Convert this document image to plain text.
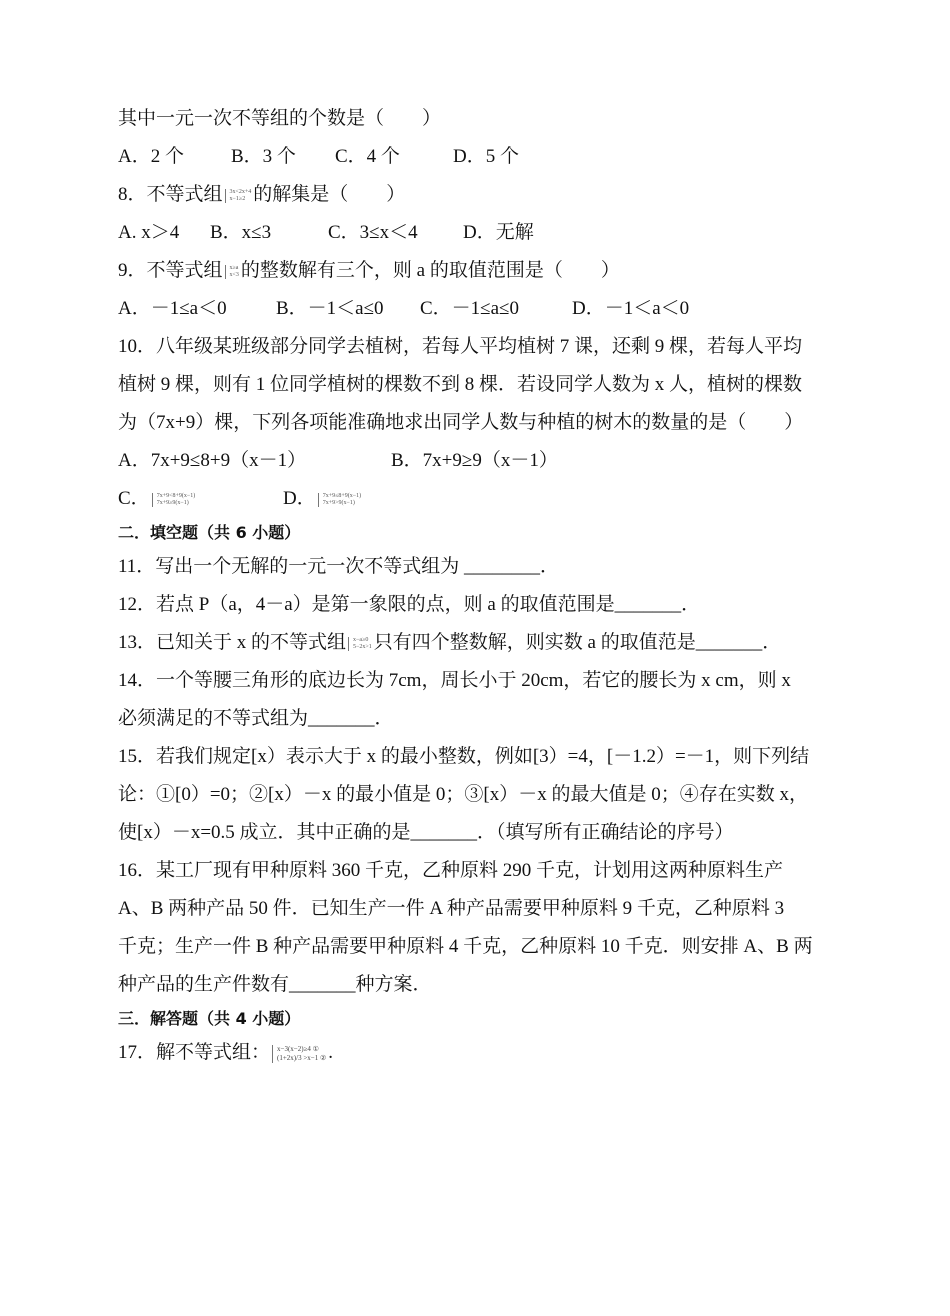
其中一元一次不等组的个数是（　　）
A．2 个 B．3 个 C．4 个	D．5 个
8．不等式组 3x<2x+4
x−1≥2 的解集是（　　）
A. x＞4 B．x≤3	C．3≤x＜4 D．无解
9．不等式组 x≥a
x<3 的整数解有三个，则 a 的取值范围是（　　）
A．－1≤a＜0	B．－1＜a≤0 C．－1≤a≤0	D．－1＜a＜0
10．八年级某班级部分同学去植树，若每人平均植树 7 课，还剩 9 棵，若每人平均
植树 9 棵，则有 1 位同学植树的棵数不到 8 棵．若设同学人数为 x 人，植树的棵数
为（7x+9）棵，下列各项能准确地求出同学人数与种植的树木的数量的是（　　）
A．7x+9≤8+9（x－1）	B．7x+9≥9（x－1）
C． 7x+9<8+9(x−1)
7x+9≥9(x−1)	D． 7x+9≤8+9(x−1)
7x+9>9(x−1)
二．填空题（共 6 小题）
11．写出一个无解的一元一次不等式组为 ________．
12．若点 P（a，4－a）是第一象限的点，则 a 的取值范围是_______．
13．已知关于 x 的不等式组 x−a≥0
5−2x>1 只有四个整数解，则实数 a 的取值范是_______．
14．一个等腰三角形的底边长为 7cm，周长小于 20cm，若它的腰长为 x cm，则 x
必须满足的不等式组为_______．
15．若我们规定[x）表示大于 x 的最小整数，例如[3）=4，[－1.2）=－1，则下列结
论：①[0）=0；②[x）－x 的最小值是 0；③[x）－x 的最大值是 0；④存在实数 x，
使[x）－x=0.5 成立．其中正确的是_______．（填写所有正确结论的序号）
16．某工厂现有甲种原料 360 千克，乙种原料 290 千克，计划用这两种原料生产
A、B 两种产品 50 件．已知生产一件 A 种产品需要甲种原料 9 千克，乙种原料 3
千克；生产一件 B 种产品需要甲种原料 4 千克，乙种原料 10 千克．则安排 A、B 两
种产品的生产件数有_______种方案．
三．解答题（共 4 小题）
17．解不等式组： x−3(x−2)≥4 ①
(1+2x)/3 >x−1 ② .
